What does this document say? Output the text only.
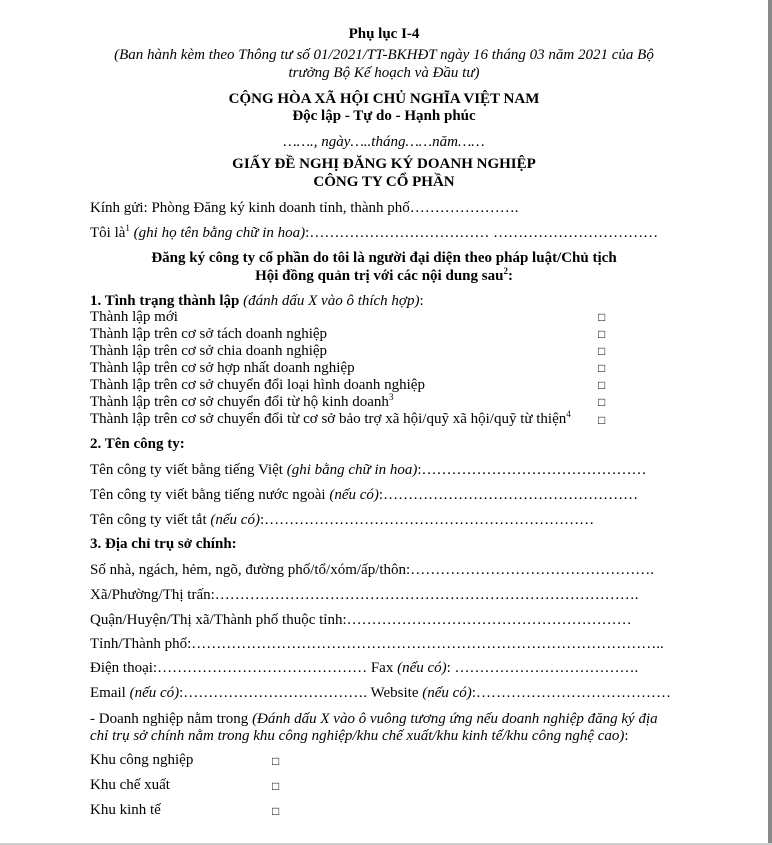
Phụ lục I-4
(Ban hành kèm theo Thông tư số 01/2021/TT-BKHĐT ngày 16 tháng 03 năm 2021 của Bộ
trưởng Bộ Kế hoạch và Đầu tư)
CỘNG HÒA XÃ HỘI CHỦ NGHĨA VIỆT NAM
Độc lập - Tự do - Hạnh phúc
……., ngày…..tháng……năm……
GIẤY ĐỀ NGHỊ ĐĂNG KÝ DOANH NGHIỆP
CÔNG TY CỔ PHẦN
Kính gửi: Phòng Đăng ký kinh doanh tỉnh, thành phố………………….
Tôi $là^1$ (ghi họ tên bằng chữ in hoa):……………………………… ……………………………
Đăng ký công ty cổ phần do tôi là người đại diện theo pháp luật/Chủ tịch
Hội đồng quản trị với các nội dung sau$^2$:
1. Tình trạng thành lập (đánh dấu X vào ô thích hợp):
Thành lập mới	□
Thành lập trên cơ sở tách doanh nghiệp	□
Thành lập trên cơ sở chia doanh nghiệp	□
Thành lập trên cơ sở hợp nhất doanh nghiệp	□
Thành lập trên cơ sở chuyển đổi loại hình doanh nghiệp	□
Thành lập trên cơ sở chuyển đổi từ hộ kinh doanh$^3$	□
Thành lập trên cơ sở chuyển đổi từ cơ sở bảo trợ xã hội/quỹ xã hội/quỹ từ thiện$^4$ □
2. Tên công ty:
Tên công ty viết bằng tiếng Việt (ghi bằng chữ in hoa):………………………………………
Tên công ty viết bằng tiếng nước ngoài (nếu có):……………………………………………
Tên công ty viết tắt (nếu có):…………………………………………………………
3. Địa chỉ trụ sở chính:
Số nhà, ngách, hẻm, ngõ, đường phố/tổ/xóm/ấp/thôn:………………………………………….
Xã/Phường/Thị trấn:………………………………………………………………………….
Quận/Huyện/Thị xã/Thành phố thuộc tỉnh:…………………………………………………
Tỉnh/Thành phố:…………………………………………………………………………………..
Điện thoại:…………………………………… Fax (nếu có): ……………………………….
Email (nếu có):………………………………. Website (nếu có):…………………………………
- Doanh nghiệp nằm trong (Đánh dấu X vào ô vuông tương ứng nếu doanh nghiệp đăng ký địa
chỉ trụ sở chính nằm trong khu công nghiệp/khu chế xuất/khu kinh tế/khu công nghệ cao):
Khu công nghiệp	□
Khu chế xuất	□
Khu kinh tế	□
